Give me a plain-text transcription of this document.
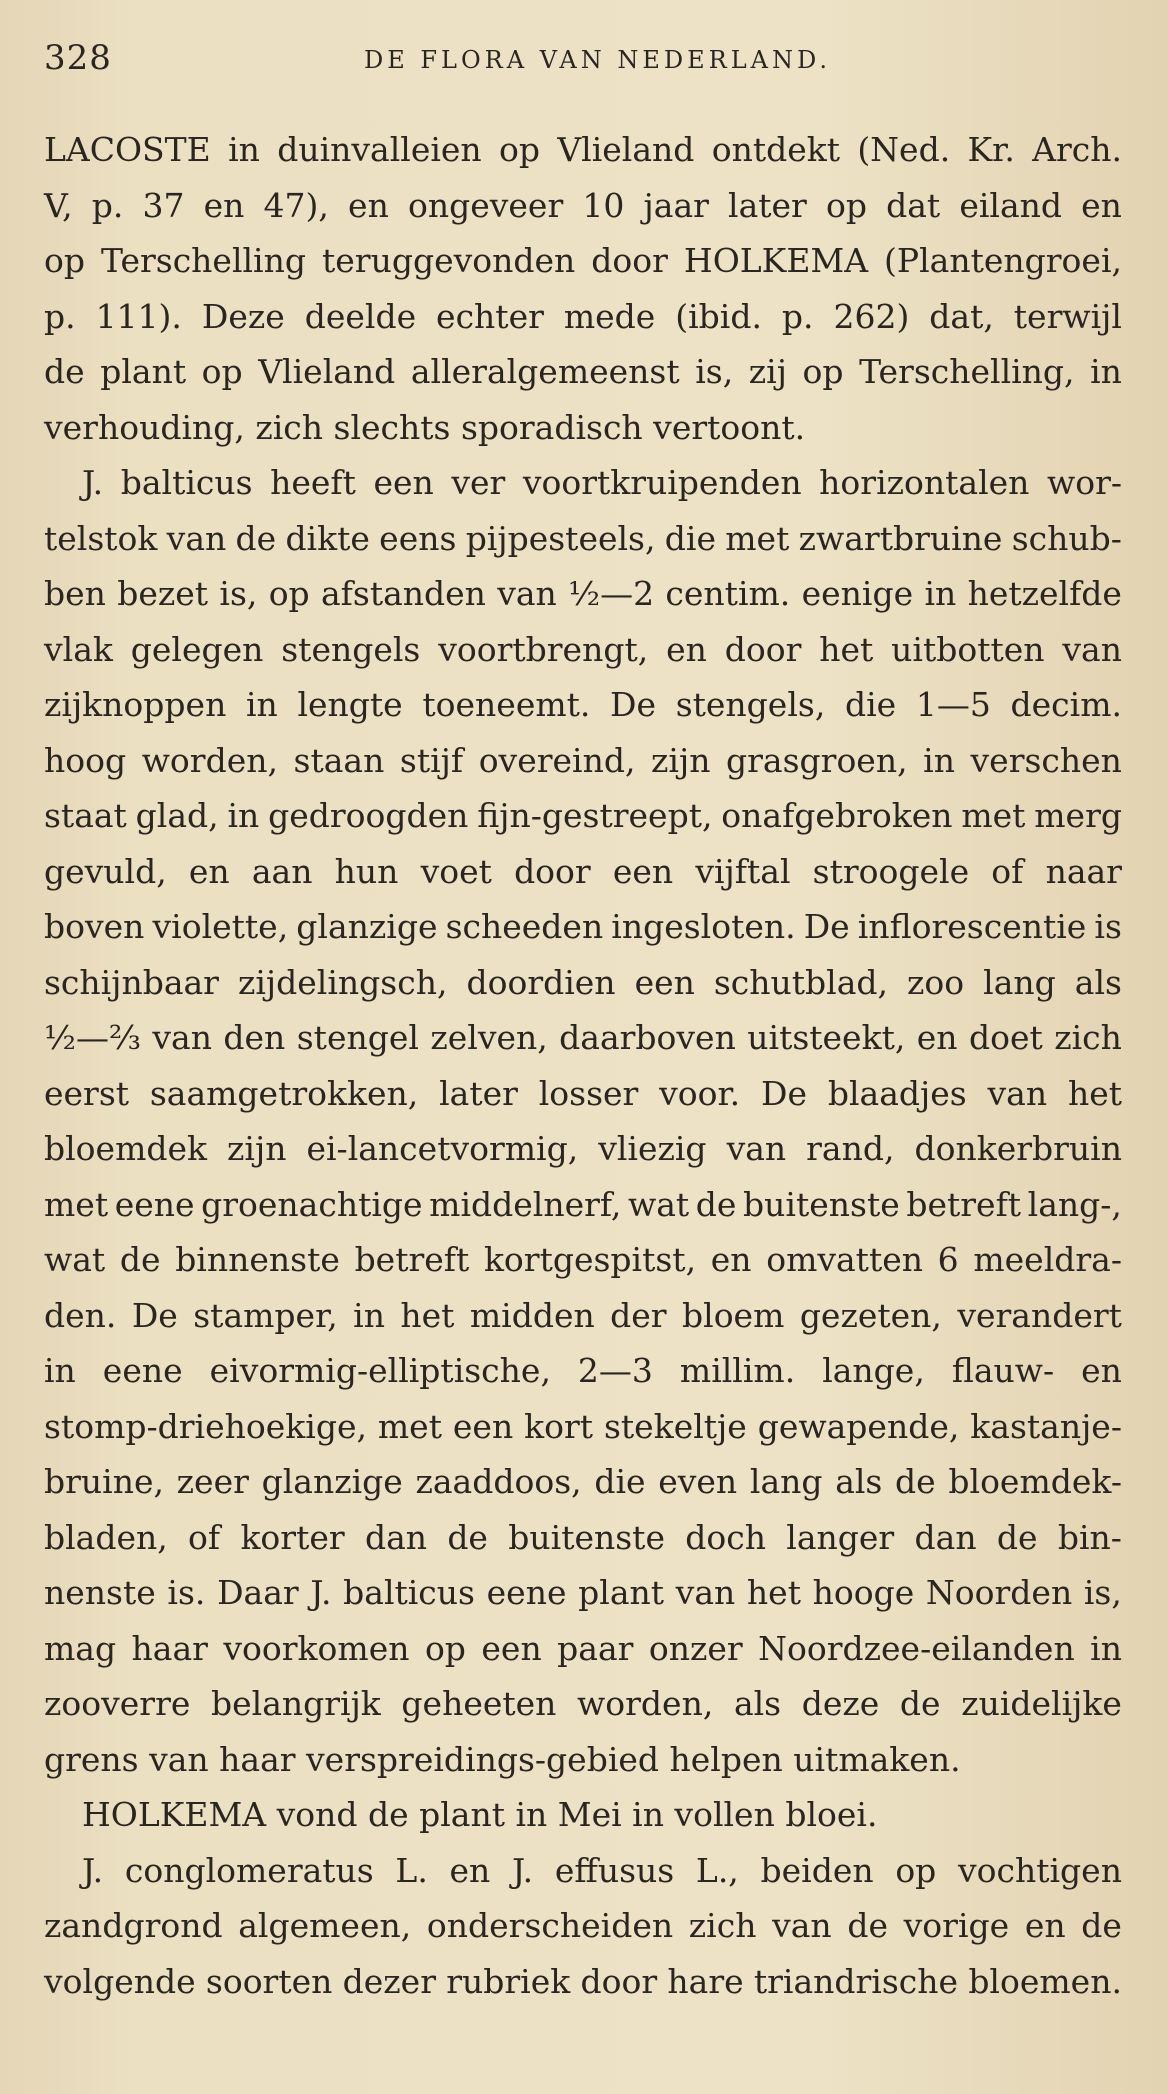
328	DE FLORA VAN NEDERLAND.
LACOSTE in duinvalleien op Vlieland ontdekt (Ned. Kr. Arch.
V, p. 37 en 47), en ongeveer 10 jaar later op dat eiland en
op Terschelling teruggevonden door HOLKEMA (Plantengroei,
p. 111). Deze deelde echter mede (ibid. p. 262) dat, terwijl
de plant op Vlieland alleralgemeenst is, zij op Terschelling, in
verhouding, zich slechts sporadisch vertoont.
J. balticus heeft een ver voortkruipenden horizontalen wor-
telstok van de dikte eens pijpesteels, die met zwartbruine schub-
ben bezet is, op afstanden van ½—2 centim. eenige in hetzelfde
vlak gelegen stengels voortbrengt, en door het uitbotten van
zijknoppen in lengte toeneemt. De stengels, die 1—5 decim.
hoog worden, staan stijf overeind, zijn grasgroen, in verschen
staat glad, in gedroogden fijn-gestreept, onafgebroken met merg
gevuld, en aan hun voet door een vijftal stroogele of naar
boven violette, glanzige scheeden ingesloten. De inflorescentie is
schijnbaar zijdelingsch, doordien een schutblad, zoo lang als
½—⅔ van den stengel zelven, daarboven uitsteekt, en doet zich
eerst saamgetrokken, later losser voor. De blaadjes van het
bloemdek zijn ei-lancetvormig, vliezig van rand, donkerbruin
met eene groenachtige middelnerf, wat de buitenste betreft lang-,
wat de binnenste betreft kortgespitst, en omvatten 6 meeldra-
den. De stamper, in het midden der bloem gezeten, verandert
in eene eivormig-elliptische, 2—3 millim. lange, flauw- en
stomp-driehoekige, met een kort stekeltje gewapende, kastanje-
bruine, zeer glanzige zaaddoos, die even lang als de bloemdek-
bladen, of korter dan de buitenste doch langer dan de bin-
nenste is. Daar J. balticus eene plant van het hooge Noorden is,
mag haar voorkomen op een paar onzer Noordzee-eilanden in
zooverre belangrijk geheeten worden, als deze de zuidelijke
grens van haar verspreidings-gebied helpen uitmaken.
HOLKEMA vond de plant in Mei in vollen bloei.
J. conglomeratus L. en J. effusus L., beiden op vochtigen
zandgrond algemeen, onderscheiden zich van de vorige en de
volgende soorten dezer rubriek door hare triandrische bloemen.
